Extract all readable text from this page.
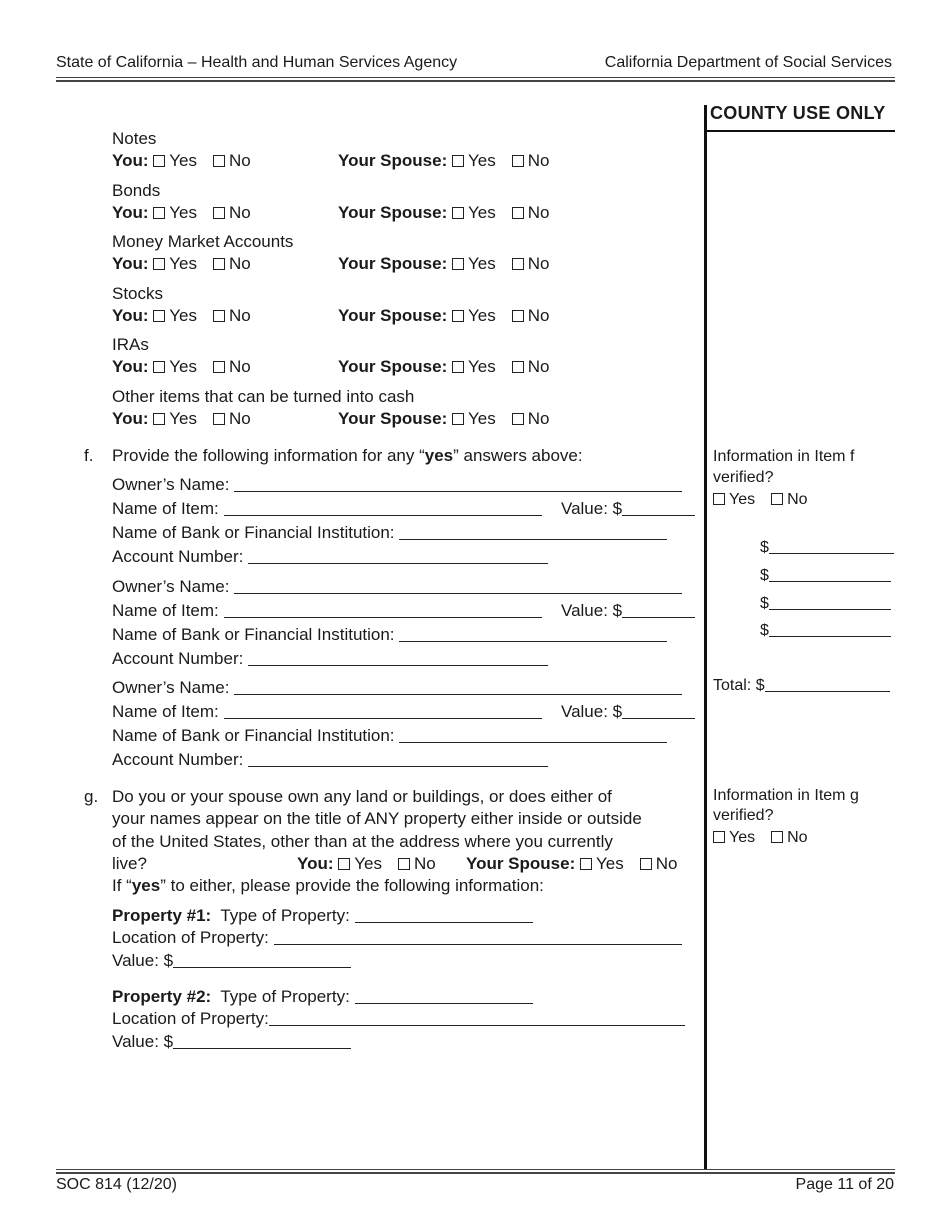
State of California – Health and Human Services Agency	California Department of Social Services
COUNTY USE ONLY
Notes
You: Yes No	Your Spouse: Yes No
Bonds
You: Yes No	Your Spouse: Yes No
Money Market Accounts
You: Yes No	Your Spouse: Yes No
Stocks
You: Yes No	Your Spouse: Yes No
IRAs
You: Yes No	Your Spouse: Yes No
Other items that can be turned into cash
You: Yes No	Your Spouse: Yes No
f. Provide the following information for any “yes” answers above:
Owner’s Name:
Name of Item:	Value: $
Name of Bank or Financial Institution:
Account Number:
Owner’s Name:
Name of Item:	Value: $
Name of Bank or Financial Institution:
Account Number:
Owner’s Name:
Name of Item:	Value: $
Name of Bank or Financial Institution:
Account Number:
g. Do you or your spouse own any land or buildings, or does either of
your names appear on the title of ANY property either inside or outside
of the United States, other than at the address where you currently
live?	You: Yes No Your Spouse: Yes No
If “yes” to either, please provide the following information:
Property #1: Type of Property:
Location of Property:
Value: $
Property #2: Type of Property:
Location of Property:
Value: $
Information in Item f
verified?
Yes No
$
$
$
$
Total: $
Information in Item g
verified?
Yes No
SOC 814 (12/20)	Page 11 of 20
